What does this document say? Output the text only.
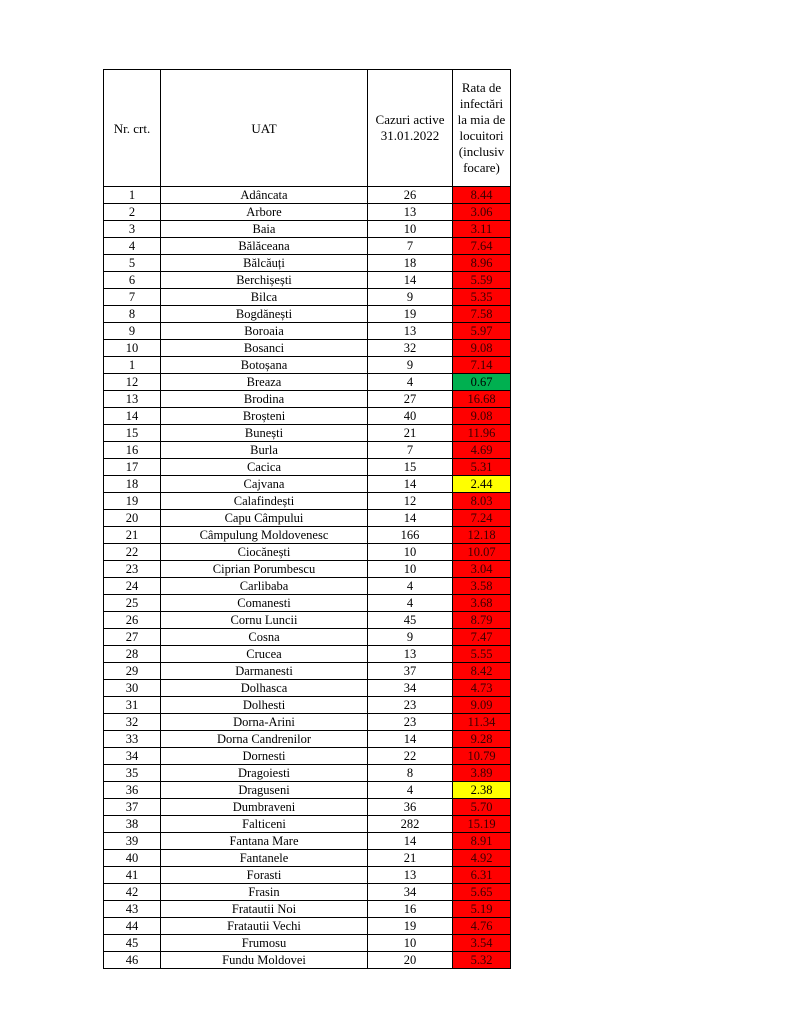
Nr. crt.	UAT	Cazuri active 31.01.2022	Rata de infectări la mia de locuitori (inclusiv focare)
1	Adâncata	26	8.44
2	Arbore	13	3.06
3	Baia	10	3.11
4	Bălăceana	7	7.64
5	Bălcăuți	18	8.96
6	Berchișești	14	5.59
7	Bilca	9	5.35
8	Bogdănești	19	7.58
9	Boroaia	13	5.97
10	Bosanci	32	9.08
1	Botoșana	9	7.14
12	Breaza	4	0.67
13	Brodina	27	16.68
14	Broșteni	40	9.08
15	Bunești	21	11.96
16	Burla	7	4.69
17	Cacica	15	5.31
18	Cajvana	14	2.44
19	Calafindești	12	8.03
20	Capu Câmpului	14	7.24
21	Câmpulung Moldovenesc	166	12.18
22	Ciocănești	10	10.07
23	Ciprian Porumbescu	10	3.04
24	Carlibaba	4	3.58
25	Comanesti	4	3.68
26	Cornu Luncii	45	8.79
27	Cosna	9	7.47
28	Crucea	13	5.55
29	Darmanesti	37	8.42
30	Dolhasca	34	4.73
31	Dolhesti	23	9.09
32	Dorna-Arini	23	11.34
33	Dorna Candrenilor	14	9.28
34	Dornesti	22	10.79
35	Dragoiesti	8	3.89
36	Draguseni	4	2.38
37	Dumbraveni	36	5.70
38	Falticeni	282	15.19
39	Fantana Mare	14	8.91
40	Fantanele	21	4.92
41	Forasti	13	6.31
42	Frasin	34	5.65
43	Fratautii Noi	16	5.19
44	Fratautii Vechi	19	4.76
45	Frumosu	10	3.54
46	Fundu Moldovei	20	5.32
